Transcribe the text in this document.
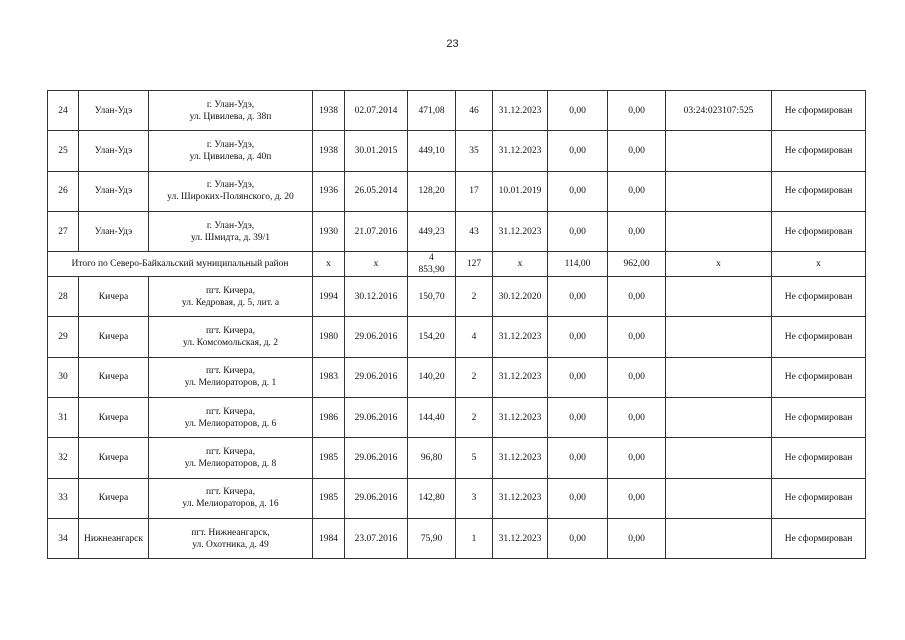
23
24	Улан-Удэ	г. Улан-Удэ,
ул. Цивилева, д. 38п	1938	02.07.2014	471,08	46	31.12.2023	0,00	0,00	03:24:023107:525	Не сформирован
25	Улан-Удэ	г. Улан-Удэ,
ул. Цивилева, д. 40п	1938	30.01.2015	449,10	35	31.12.2023	0,00	0,00		Не сформирован
26	Улан-Удэ	г. Улан-Удэ,
ул. Широких-Полянского, д. 20	1936	26.05.2014	128,20	17	10.01.2019	0,00	0,00		Не сформирован
27	Улан-Удэ	г. Улан-Удэ,
ул. Шмидта, д. 39/1	1930	21.07.2016	449,23	43	31.12.2023	0,00	0,00		Не сформирован
Итого по Северо-Байкальский муниципальный район			x	x	4 853,90	127	x	114,00	962,00	x	x
28	Кичера	пгт. Кичера,
ул. Кедровая, д. 5, лит. а	1994	30.12.2016	150,70	2	30.12.2020	0,00	0,00		Не сформирован
29	Кичера	пгт. Кичера,
ул. Комсомольская, д. 2	1980	29.06.2016	154,20	4	31.12.2023	0,00	0,00		Не сформирован
30	Кичера	пгт. Кичера,
ул. Мелиораторов, д. 1	1983	29.06.2016	140,20	2	31.12.2023	0,00	0,00		Не сформирован
31	Кичера	пгт. Кичера,
ул. Мелиораторов, д. 6	1986	29.06.2016	144,40	2	31.12.2023	0,00	0,00		Не сформирован
32	Кичера	пгт. Кичера,
ул. Мелиораторов, д. 8	1985	29.06.2016	96,80	5	31.12.2023	0,00	0,00		Не сформирован
33	Кичера	пгт. Кичера,
ул. Мелиораторов, д. 16	1985	29.06.2016	142,80	3	31.12.2023	0,00	0,00		Не сформирован
34	Нижнеангарск	пгт. Нижнеангарск,
ул. Охотника, д. 49	1984	23.07.2016	75,90	1	31.12.2023	0,00	0,00		Не сформирован
